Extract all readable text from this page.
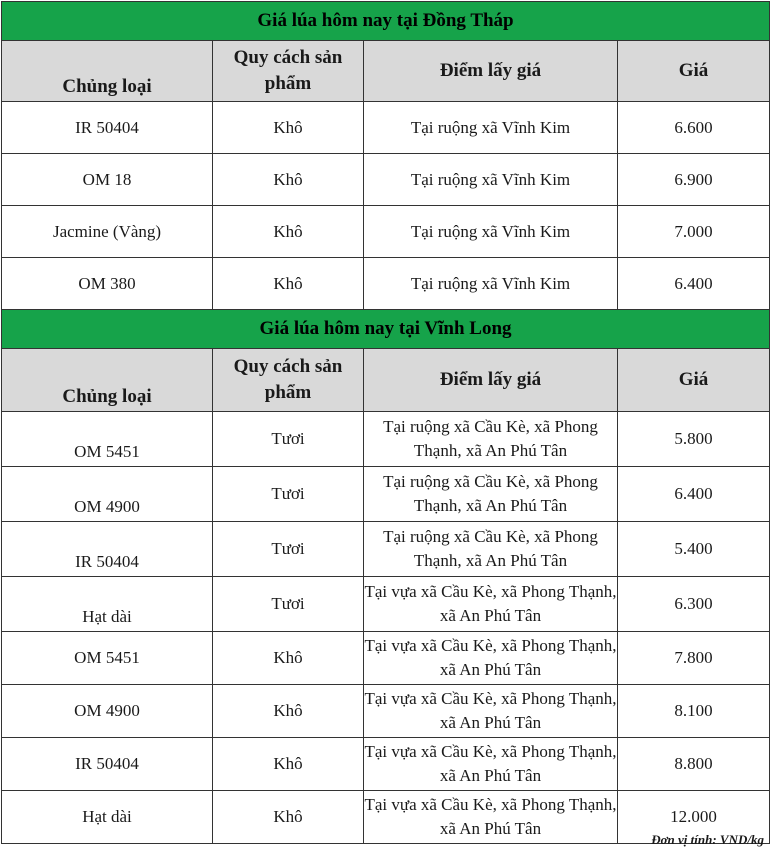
Giá lúa hôm nay tại Đồng Tháp			
Chủng loại	Quy cách sản phẩm	Điểm lấy giá	Giá
IR 50404	Khô	Tại ruộng xã Vĩnh Kim	6.600
OM 18	Khô	Tại ruộng xã Vĩnh Kim	6.900
Jacmine (Vàng)	Khô	Tại ruộng xã Vĩnh Kim	7.000
OM 380	Khô	Tại ruộng xã Vĩnh Kim	6.400
Giá lúa hôm nay tại Vĩnh Long			
Chủng loại	Quy cách sản phẩm	Điểm lấy giá	Giá
OM 5451	Tươi	Tại ruộng xã Cầu Kè, xã Phong Thạnh, xã An Phú Tân	5.800
OM 4900	Tươi	Tại ruộng xã Cầu Kè, xã Phong Thạnh, xã An Phú Tân	6.400
IR 50404	Tươi	Tại ruộng xã Cầu Kè, xã Phong Thạnh, xã An Phú Tân	5.400
Hạt dài	Tươi	Tại vựa xã Cầu Kè, xã Phong Thạnh, xã An Phú Tân	6.300
OM 5451	Khô	Tại vựa xã Cầu Kè, xã Phong Thạnh, xã An Phú Tân	7.800
OM 4900	Khô	Tại vựa xã Cầu Kè, xã Phong Thạnh, xã An Phú Tân	8.100
IR 50404	Khô	Tại vựa xã Cầu Kè, xã Phong Thạnh, xã An Phú Tân	8.800
Hạt dài	Khô	Tại vựa xã Cầu Kè, xã Phong Thạnh, xã An Phú Tân	12.000
Đơn vị tính: VND/kg
